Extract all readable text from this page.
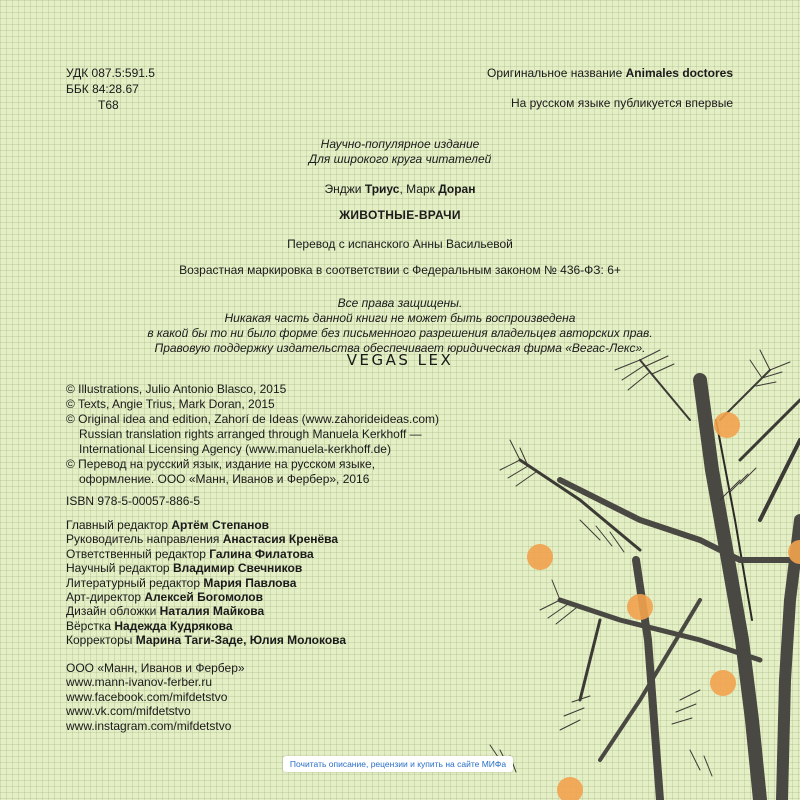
УДК 087.5:591.5
ББК 84:28.67
Т68
Оригинальное название Animales doctores
На русском языке публикуется впервые
Научно-популярное издание
Для широкого круга читателей
Энджи Триус, Марк Доран
ЖИВОТНЫЕ-ВРАЧИ
Перевод с испанского Анны Васильевой
Возрастная маркировка в соответствии с Федеральным законом № 436-ФЗ: 6+
Все права защищены.
Никакая часть данной книги не может быть воспроизведена
в какой бы то ни было форме без письменного разрешения владельцев авторских прав.
Правовую поддержку издательства обеспечивает юридическая фирма «Вегас-Лекс».
VEGAS LEX
© Illustrations, Julio Antonio Blasco, 2015
© Texts, Angie Trius, Mark Doran, 2015
© Original idea and edition, Zahorí de Ideas (www.zahorideideas.com)
Russian translation rights arranged through Manuela Kerkhoff —
International Licensing Agency (www.manuela-kerkhoff.de)
© Перевод на русский язык, издание на русском языке,
оформление. ООО «Манн, Иванов и Фербер», 2016
ISBN 978-5-00057-886-5
Главный редактор Артём Степанов
Руководитель направления Анастасия Кренёва
Ответственный редактор Галина Филатова
Научный редактор Владимир Свечников
Литературный редактор Мария Павлова
Арт-директор Алексей Богомолов
Дизайн обложки Наталия Майкова
Вёрстка Надежда Кудрякова
Корректоры Марина Таги-Заде, Юлия Молокова
ООО «Манн, Иванов и Фербер»
www.mann-ivanov-ferber.ru
www.facebook.com/mifdetstvo
www.vk.com/mifdetstvo
www.instagram.com/mifdetstvo
Почитать описание, рецензии и купить на сайте МИФа
